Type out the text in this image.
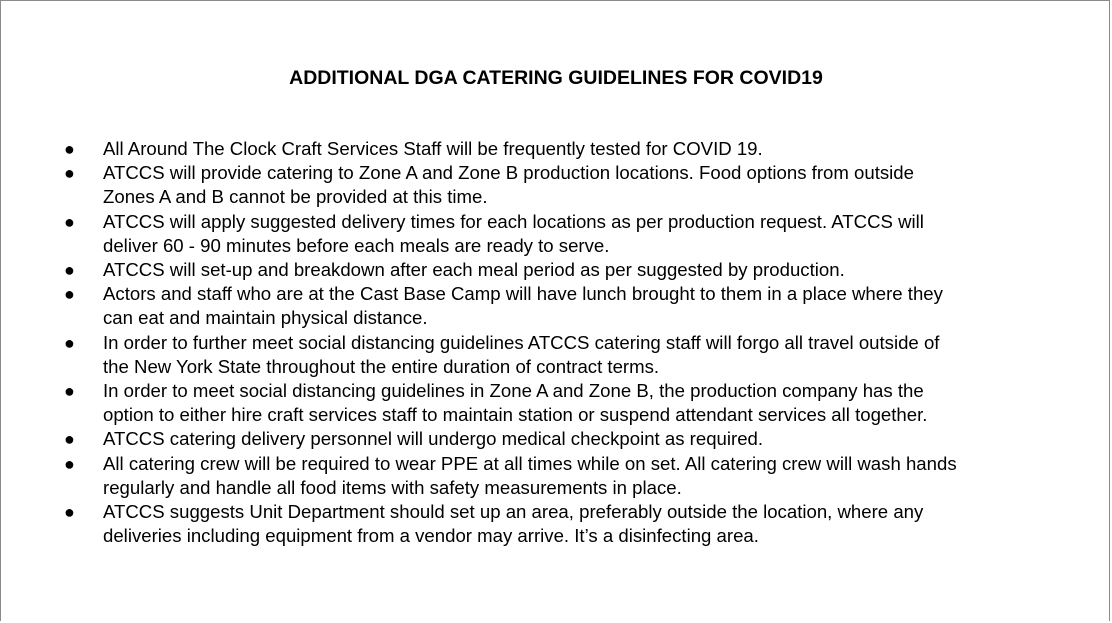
ADDITIONAL DGA CATERING GUIDELINES FOR COVID19
● All Around The Clock Craft Services Staff will be frequently tested for COVID 19.
● ATCCS will provide catering to Zone A and Zone B production locations. Food options from outside
Zones A and B cannot be provided at this time.
● ATCCS will apply suggested delivery times for each locations as per production request. ATCCS will
deliver 60 - 90 minutes before each meals are ready to serve.
● ATCCS will set-up and breakdown after each meal period as per suggested by production.
● Actors and staff who are at the Cast Base Camp will have lunch brought to them in a place where they
can eat and maintain physical distance.
● In order to further meet social distancing guidelines ATCCS catering staff will forgo all travel outside of
the New York State throughout the entire duration of contract terms.
● In order to meet social distancing guidelines in Zone A and Zone B, the production company has the
option to either hire craft services staff to maintain station or suspend attendant services all together.
● ATCCS catering delivery personnel will undergo medical checkpoint as required.
● All catering crew will be required to wear PPE at all times while on set. All catering crew will wash hands
regularly and handle all food items with safety measurements in place.
● ATCCS suggests Unit Department should set up an area, preferably outside the location, where any
deliveries including equipment from a vendor may arrive. It’s a disinfecting area.
